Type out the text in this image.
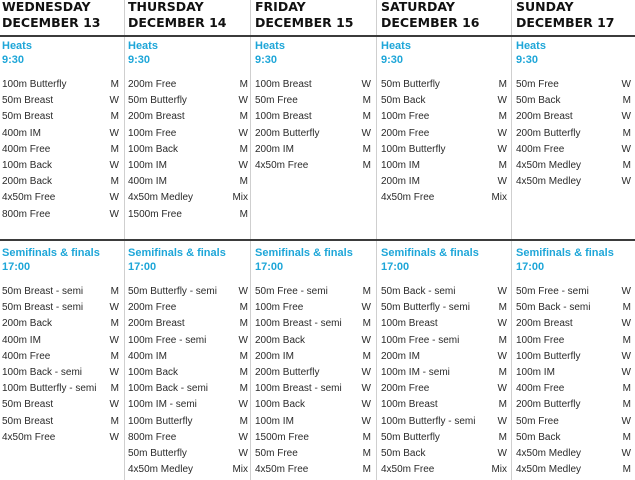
WEDNESDAY
DECEMBER 13
Heats
9:30
100m Butterfly	M
50m Breast	W
50m Breast	M
400m IM	W
400m Free	M
100m Back	W
200m Back	M
4x50m Free	W
800m Free	W
Semifinals & finals
17:00
50m Breast - semi	M
50m Breast - semi	W
200m Back	M
400m IM	W
400m Free	M
100m Back - semi	W
100m Butterfly - semi M
50m Breast	W
50m Breast	M
4x50m Free	W
THURSDAY
DECEMBER 14
Heats
9:30
200m Free	M
50m Butterfly	W
200m Breast	M
100m Free	W
100m Back	M
100m IM	W
400m IM	M
4x50m Medley	Mix
1500m Free	M
Semifinals & finals
17:00
50m Butterfly - semi W
200m Free	M
200m Breast	M
100m Free - semi	W
400m IM	M
100m Back	M
100m Back - semi	M
100m IM - semi	W
100m Butterfly	M
800m Free	W
50m Butterfly	W
4x50m Medley	Mix
FRIDAY
DECEMBER 15
Heats
9:30
100m Breast	W
50m Free	M
100m Breast	M
200m Butterfly	W
200m IM	M
4x50m Free	M
Semifinals & finals
17:00
50m Free - semi	M
100m Free	W
100m Breast - semi M
200m Back	W
200m IM	M
200m Butterfly	W
100m Breast - semi W
100m Back	W
100m IM	W
1500m Free	M
50m Free	M
4x50m Free	M
SATURDAY
DECEMBER 16
Heats
9:30
50m Butterfly	M
50m Back	W
100m Free	M
200m Free	W
100m Butterfly	W
100m IM	M
200m IM	W
4x50m Free	Mix
Semifinals & finals
17:00
50m Back - semi	W
50m Butterfly - semi	M
100m Breast	W
100m Free - semi	M
200m IM	W
100m IM - semi	M
200m Free	W
100m Breast	M
100m Butterfly - semi W
50m Butterfly	M
50m Back	W
4x50m Free	Mix
SUNDAY
DECEMBER 17
Heats
9:30
50m Free	W
50m Back	M
200m Breast	W
200m Butterfly	M
400m Free	W
4x50m Medley	M
4x50m Medley	W
Semifinals & finals
17:00
50m Free - semi	W
50m Back - semi	M
200m Breast	W
100m Free	M
100m Butterfly	W
100m IM	W
400m Free	M
200m Butterfly	M
50m Free	W
50m Back	M
4x50m Medley	W
4x50m Medley	M
